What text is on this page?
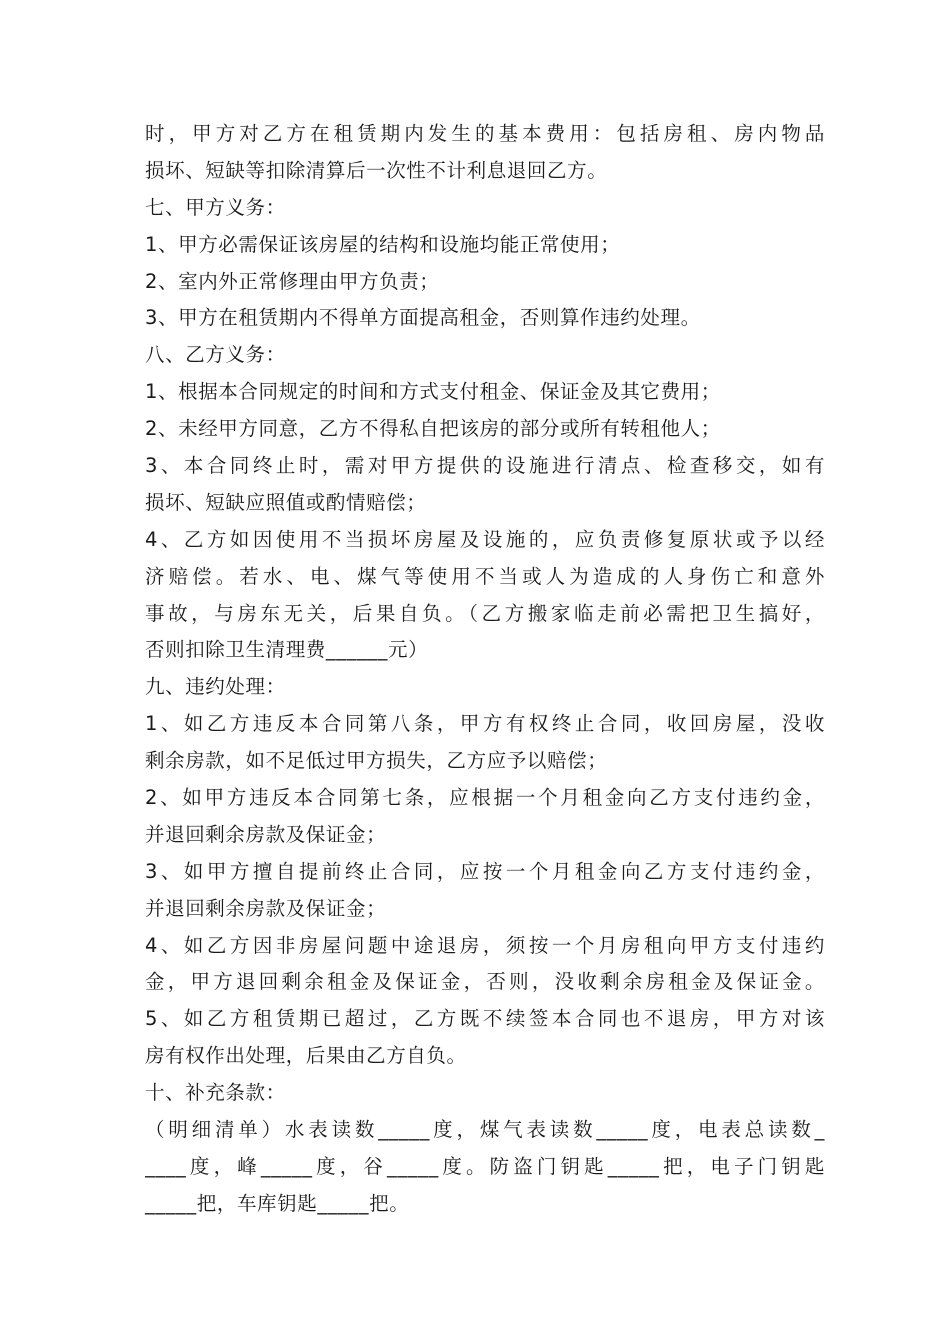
时，甲方对乙方在租赁期内发生的基本费用：包括房租、房内物品
损坏、短缺等扣除清算后一次性不计利息退回乙方。
七、甲方义务：
1、甲方必需保证该房屋的结构和设施均能正常使用；
2、室内外正常修理由甲方负责；
3、甲方在租赁期内不得单方面提高租金，否则算作违约处理。
八、乙方义务：
1、根据本合同规定的时间和方式支付租金、保证金及其它费用；
2、未经甲方同意，乙方不得私自把该房的部分或所有转租他人；
3、本合同终止时，需对甲方提供的设施进行清点、检查移交，如有
损坏、短缺应照值或酌情赔偿；
4、乙方如因使用不当损坏房屋及设施的，应负责修复原状或予以经
济赔偿。若水、电、煤气等使用不当或人为造成的人身伤亡和意外
事故，与房东无关，后果自负。（乙方搬家临走前必需把卫生搞好，
否则扣除卫生清理费______元）
九、违约处理：
1、如乙方违反本合同第八条，甲方有权终止合同，收回房屋，没收
剩余房款，如不足低过甲方损失，乙方应予以赔偿；
2、如甲方违反本合同第七条，应根据一个月租金向乙方支付违约金，
并退回剩余房款及保证金；
3、如甲方擅自提前终止合同，应按一个月租金向乙方支付违约金，
并退回剩余房款及保证金；
4、如乙方因非房屋问题中途退房，须按一个月房租向甲方支付违约
金，甲方退回剩余租金及保证金，否则，没收剩余房租金及保证金。
5、如乙方租赁期已超过，乙方既不续签本合同也不退房，甲方对该
房有权作出处理，后果由乙方自负。
十、补充条款：
（明细清单）水表读数_____度，煤气表读数_____度，电表总读数_
____度，峰_____度，谷_____度。防盗门钥匙_____把，电子门钥匙
_____把，车库钥匙_____把。
